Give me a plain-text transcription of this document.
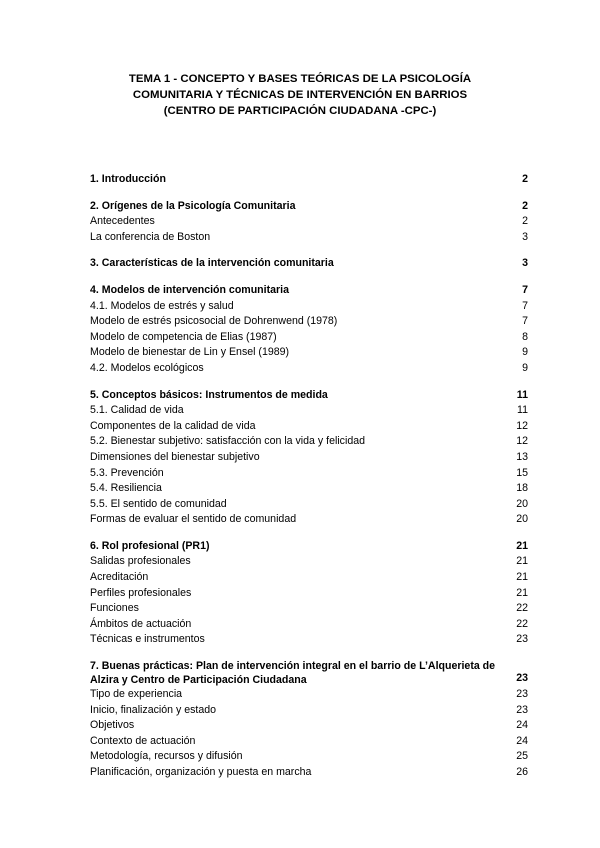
TEMA 1 - CONCEPTO Y BASES TEÓRICAS DE LA PSICOLOGÍA
COMUNITARIA Y TÉCNICAS DE INTERVENCIÓN EN BARRIOS
(CENTRO DE PARTICIPACIÓN CIUDADANA -CPC-)
1. Introducción	2
2. Orígenes de la Psicología Comunitaria	2
Antecedentes	2
La conferencia de Boston	3
3. Características de la intervención comunitaria	3
4. Modelos de intervención comunitaria	7
4.1. Modelos de estrés y salud	7
Modelo de estrés psicosocial de Dohrenwend (1978)	7
Modelo de competencia de Elias (1987)	8
Modelo de bienestar de Lin y Ensel (1989)	9
4.2. Modelos ecológicos	9
5. Conceptos básicos: Instrumentos de medida	11
5.1. Calidad de vida	11
Componentes de la calidad de vida	12
5.2. Bienestar subjetivo: satisfacción con la vida y felicidad	12
Dimensiones del bienestar subjetivo	13
5.3. Prevención	15
5.4. Resiliencia	18
5.5. El sentido de comunidad	20
Formas de evaluar el sentido de comunidad	20
6. Rol profesional (PR1)	21
Salidas profesionales	21
Acreditación	21
Perfiles profesionales	21
Funciones	22
Ámbitos de actuación	22
Técnicas e instrumentos	23
7. Buenas prácticas: Plan de intervención integral en el barrio de L’Alquerieta de
Alzira y Centro de Participación Ciudadana	23
Tipo de experiencia	23
Inicio, finalización y estado	23
Objetivos	24
Contexto de actuación	24
Metodología, recursos y difusión	25
Planificación, organización y puesta en marcha	26
